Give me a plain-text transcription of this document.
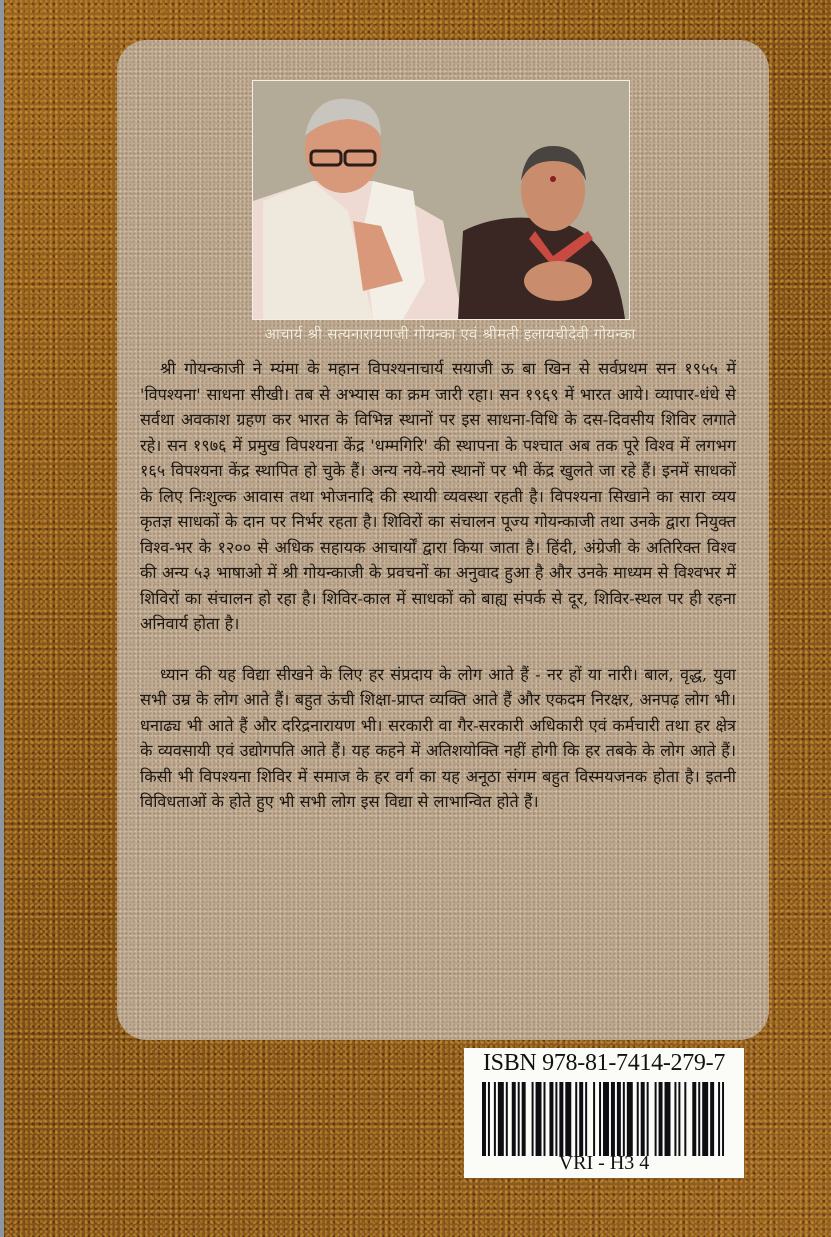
आचार्य श्री सत्यनारायणजी गोयन्का एवं श्रीमती इलायचीदेवी गोयन्का

श्री गोयन्काजी ने म्यंमा के महान विपश्यनाचार्य सयाजी ऊ बा खिन से सर्वप्रथम सन १९५५ में 'विपश्यना' साधना सीखी। तब से अभ्यास का क्रम जारी रहा। सन १९६९ में भारत आये। व्यापार-धंधे से सर्वथा अवकाश ग्रहण कर भारत के विभिन्न स्थानों पर इस साधना-विधि के दस-दिवसीय शिविर लगाते रहे। सन १९७६ में प्रमुख विपश्यना केंद्र 'धम्मगिरि' की स्थापना के पश्चात अब तक पूरे विश्व में लगभग १६५ विपश्यना केंद्र स्थापित हो चुके हैं। अन्य नये-नये स्थानों पर भी केंद्र खुलते जा रहे हैं। इनमें साधकों के लिए निःशुल्क आवास तथा भोजनादि की स्थायी व्यवस्था रहती है। विपश्यना सिखाने का सारा व्यय कृतज्ञ साधकों के दान पर निर्भर रहता है। शिविरों का संचालन पूज्य गोयन्काजी तथा उनके द्वारा नियुक्त विश्व-भर के १२०० से अधिक सहायक आचार्यों द्वारा किया जाता है। हिंदी, अंग्रेजी के अतिरिक्त विश्व की अन्य ५३ भाषाओ में श्री गोयन्काजी के प्रवचनों का अनुवाद हुआ है और उनके माध्यम से विश्वभर में शिविरों का संचालन हो रहा है। शिविर-काल में साधकों को बाह्य संपर्क से दूर, शिविर-स्थल पर ही रहना अनिवार्य होता है।

ध्यान की यह विद्या सीखने के लिए हर संप्रदाय के लोग आते हैं - नर हों या नारी। बाल, वृद्ध, युवा सभी उम्र के लोग आते हैं। बहुत ऊंची शिक्षा-प्राप्त व्यक्ति आते हैं और एकदम निरक्षर, अनपढ़ लोग भी। धनाढ्य भी आते हैं और दरिद्रनारायण भी। सरकारी वा गैर-सरकारी अधिकारी एवं कर्मचारी तथा हर क्षेत्र के व्यवसायी एवं उद्योगपति आते हैं। यह कहने में अतिशयोक्ति नहीं होगी कि हर तबके के लोग आते हैं। किसी भी विपश्यना शिविर में समाज के हर वर्ग का यह अनूठा संगम बहुत विस्मयजनक होता है। इतनी विविधताओं के होते हुए भी सभी लोग इस विद्या से लाभान्वित होते हैं।

ISBN 978-81-7414-279-7
VRI - H3 4
